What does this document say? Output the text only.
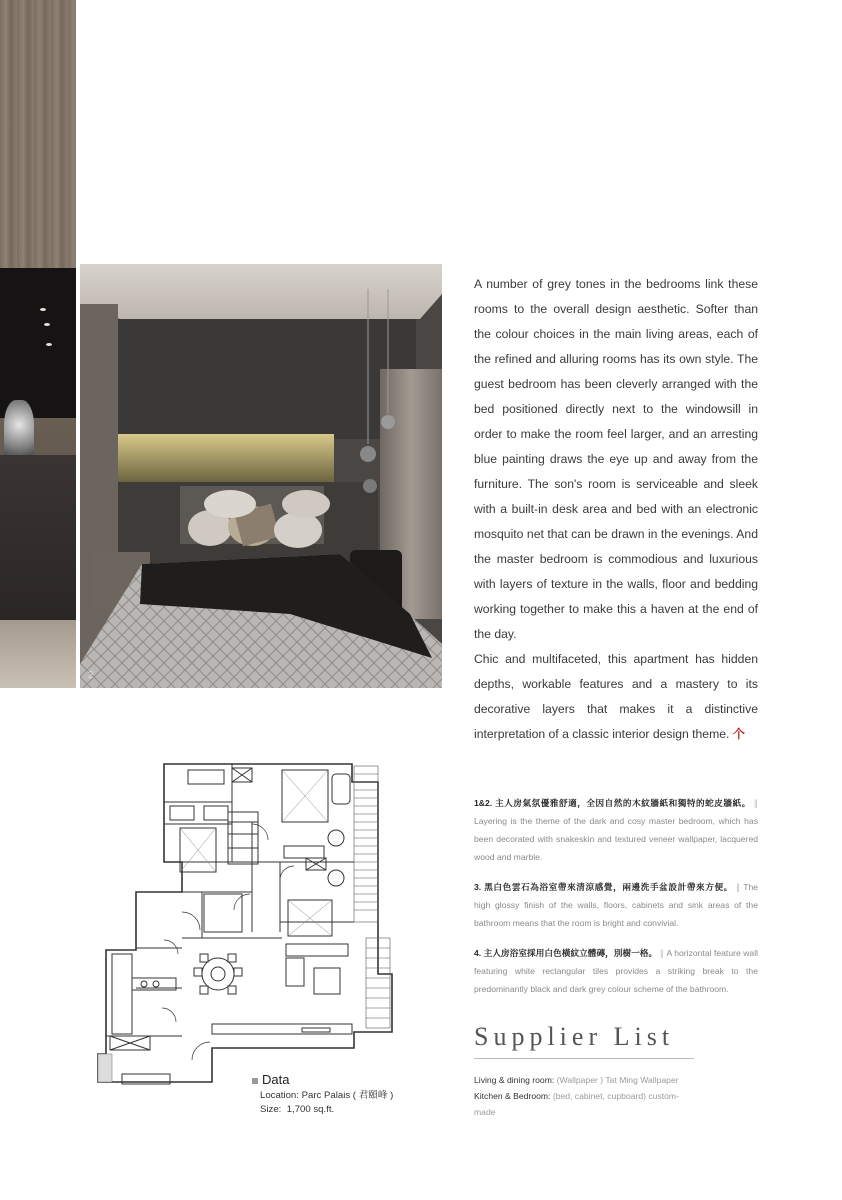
2

A number of grey tones in the bedrooms link these rooms to the overall design aesthetic. Softer than the colour choices in the main living areas, each of the refined and alluring rooms has its own style. The guest bedroom has been cleverly arranged with the bed positioned directly next to the windowsill in order to make the room feel larger, and an arresting blue painting draws the eye up and away from the furniture. The son's room is serviceable and sleek with a built-in desk area and bed with an electronic mosquito net that can be drawn in the evenings. And the master bedroom is commodious and luxurious with layers of texture in the walls, floor and bedding working together to make this a haven at the end of the day.

Chic and multifaceted, this apartment has hidden depths, workable features and a mastery to its decorative layers that makes it a distinctive interpretation of a classic interior design theme. 个

Data
Location: Parc Palais ( 君頤峰 )
Size: 1,700 sq.ft.

1&2. 主人房氣氛優雅舒適，全因自然的木紋牆紙和獨特的蛇皮牆紙。 ∥ Layering is the theme of the dark and cosy master bedroom, which has been decorated with snakeskin and textured veneer wallpaper, lacquered wood and marble.

3. 黑白色雲石為浴室帶來清涼感覺，兩邊洗手盆設計帶來方便。 ∥ The high glossy finish of the walls, floors, cabinets and sink areas of the bathroom means that the room is bright and convivial.

4. 主人房浴室採用白色橫紋立體磚，別樹一格。 ∥ A horizontal feature wall featuring white rectangular tiles provides a striking break to the predominantly black and dark grey colour scheme of the bathroom.

Supplier List

Living & dining room: (Wallpaper ) Tat Ming Wallpaper

Kitchen & Bedroom: (bed, cabinet, cupboard) custom-made
